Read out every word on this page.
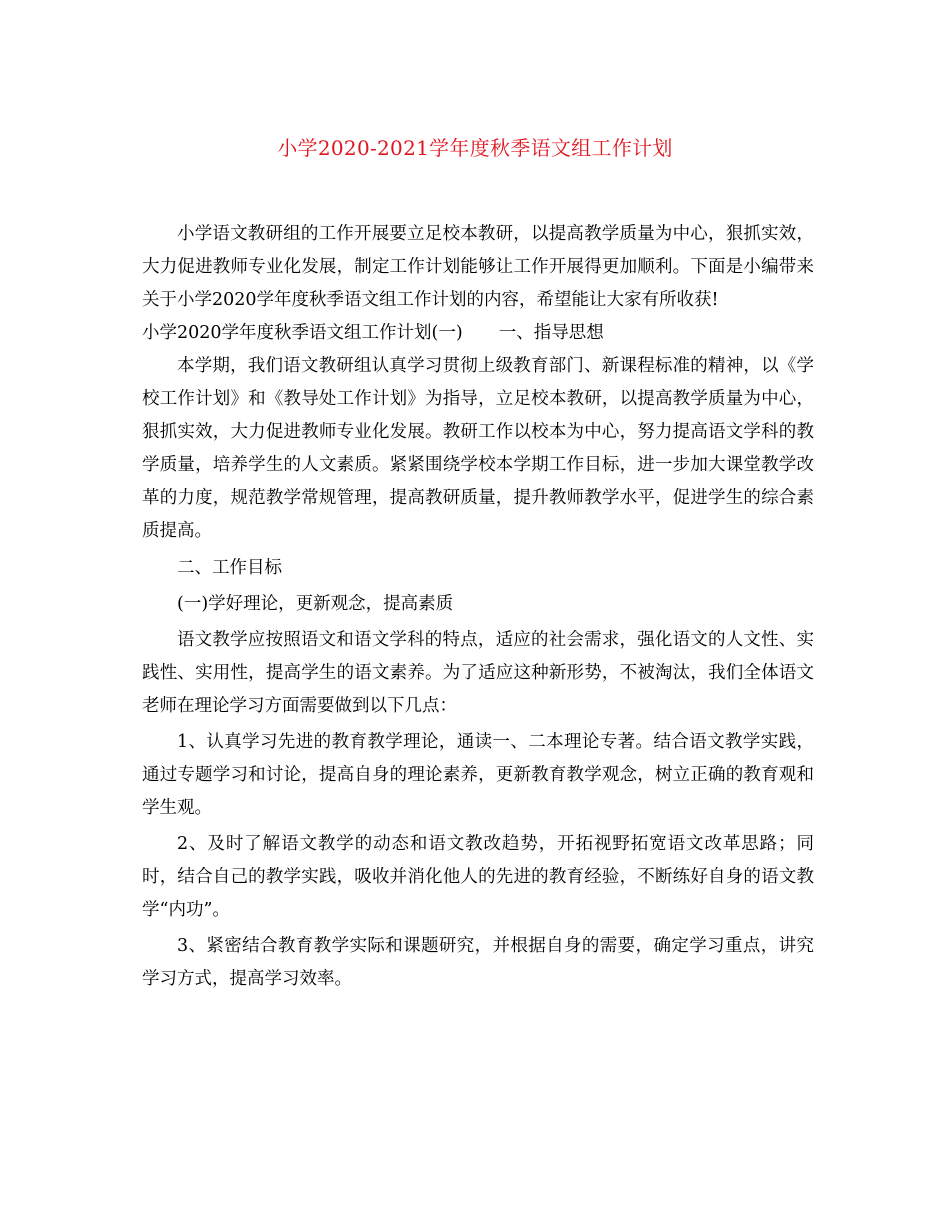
小学2020-2021学年度秋季语文组工作计划

小学语文教研组的工作开展要立足校本教研，以提高教学质量为中心，狠抓实效，大力促进教师专业化发展，制定工作计划能够让工作开展得更加顺利。下面是小编带来关于小学2020学年度秋季语文组工作计划的内容，希望能让大家有所收获!

小学2020学年度秋季语文组工作计划(一) 一、指导思想

本学期，我们语文教研组认真学习贯彻上级教育部门、新课程标准的精神，以《学校工作计划》和《教导处工作计划》为指导，立足校本教研，以提高教学质量为中心，狠抓实效，大力促进教师专业化发展。教研工作以校本为中心，努力提高语文学科的教学质量，培养学生的人文素质。紧紧围绕学校本学期工作目标，进一步加大课堂教学改革的力度，规范教学常规管理，提高教研质量，提升教师教学水平，促进学生的综合素质提高。

二、工作目标

(一)学好理论，更新观念，提高素质

语文教学应按照语文和语文学科的特点，适应的社会需求，强化语文的人文性、实践性、实用性，提高学生的语文素养。为了适应这种新形势，不被淘汰，我们全体语文老师在理论学习方面需要做到以下几点：

1、认真学习先进的教育教学理论，通读一、二本理论专著。结合语文教学实践，通过专题学习和讨论，提高自身的理论素养，更新教育教学观念，树立正确的教育观和学生观。

2、及时了解语文教学的动态和语文教改趋势，开拓视野拓宽语文改革思路；同时，结合自己的教学实践，吸收并消化他人的先进的教育经验，不断练好自身的语文教学“内功”。

3、紧密结合教育教学实际和课题研究，并根据自身的需要，确定学习重点，讲究学习方式，提高学习效率。
